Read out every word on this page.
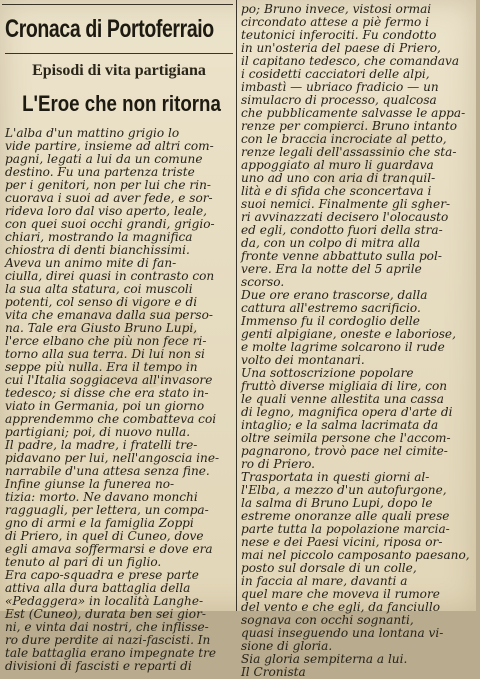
Cronaca di Portoferraio
Episodi di vita partigiana
L'Eroe che non ritorna
L'alba d'un mattino grigio lo
vide partire, insieme ad altri com-
pagni, legati a lui da un comune
destino. Fu una partenza triste
per i genitori, non per lui che rin-
cuorava i suoi ad aver fede, e sor-
rideva loro dal viso aperto, leale,
con quei suoi occhi grandi, grigio-
chiari, mostrando la magnifica
chiostra di denti bianchissimi.
Aveva un animo mite di fan-
ciulla, direi quasi in contrasto con
la sua alta statura, coi muscoli
potenti, col senso di vigore e di
vita che emanava dalla sua perso-
na. Tale era Giusto Bruno Lupi,
l'erce elbano che più non fece ri-
torno alla sua terra. Di lui non si
seppe più nulla. Era il tempo in
cui l'Italia soggiaceva all'invasore
tedesco; si disse che era stato in-
viato in Germania, poi un giorno
apprendemmo che combatteva coi
partigiani; poi, di nuovo nulla.
Il padre, la madre, i fratelli tre-
pidavano per lui, nell'angoscia ine-
narrabile d'una attesa senza fine.
Infine giunse la funerea no-
tizia: morto. Ne davano monchi
ragguagli, per lettera, un compa-
gno di armi e la famiglia Zoppi
di Priero, in quel di Cuneo, dove
egli amava soffermarsi e dove era
tenuto al pari di un figlio.
Era capo-squadra e prese parte
attiva alla dura battaglia della
«Pedaggera» in località Langhe-
Est (Cuneo), durata ben sei gior-
ni, e vinta dai nostri, che inflisse-
ro dure perdite ai nazi-fascisti. In
tale battaglia erano impegnate tre
divisioni di fascisti e reparti di
po; Bruno invece, vistosi ormai
circondato attese a piè fermo i
teutonici inferociti. Fu condotto
in un'osteria del paese di Priero,
il capitano tedesco, che comandava
i cosidetti cacciatori delle alpi,
imbastì — ubriaco fradicio — un
simulacro di processo, qualcosa
che pubblicamente salvasse le appa-
renze per compierci. Bruno intanto
con le braccia incrociate al petto,
renze legali dell'assassinio che sta-
appoggiato al muro li guardava
uno ad uno con aria di tranquil-
lità e di sfida che sconcertava i
suoi nemici. Finalmente gli sgher-
ri avvinazzati decisero l'olocausto
ed egli, condotto fuori della stra-
da, con un colpo di mitra alla
fronte venne abbattuto sulla pol-
vere. Era la notte del 5 aprile
scorso.
Due ore erano trascorse, dalla
cattura all'estremo sacrificio.
Immenso fu il cordoglio delle
genti alpigiane, oneste e laboriose,
e molte lagrime solcarono il rude
volto dei montanari.
Una sottoscrizione popolare
fruttò diverse migliaia di lire, con
le quali venne allestita una cassa
di legno, magnifica opera d'arte di
intaglio; e la salma lacrimata da
oltre seimila persone che l'accom-
pagnarono, trovò pace nel cimite-
ro di Priero.
Trasportata in questi giorni al-
l'Elba, a mezzo d'un autofurgone,
la salma di Bruno Lupi, dopo le
estreme onoranze alle quali prese
parte tutta la popolazione marcia-
nese e dei Paesi vicini, riposa or-
mai nel piccolo camposanto paesano,
posto sul dorsale di un colle,
in faccia al mare, davanti a
quel mare che moveva il rumore
del vento e che egli, da fanciullo
sognava con occhi sognanti,
quasi inseguendo una lontana vi-
sione di gloria.
Sia gloria sempiterna a lui.
Il Cronista
